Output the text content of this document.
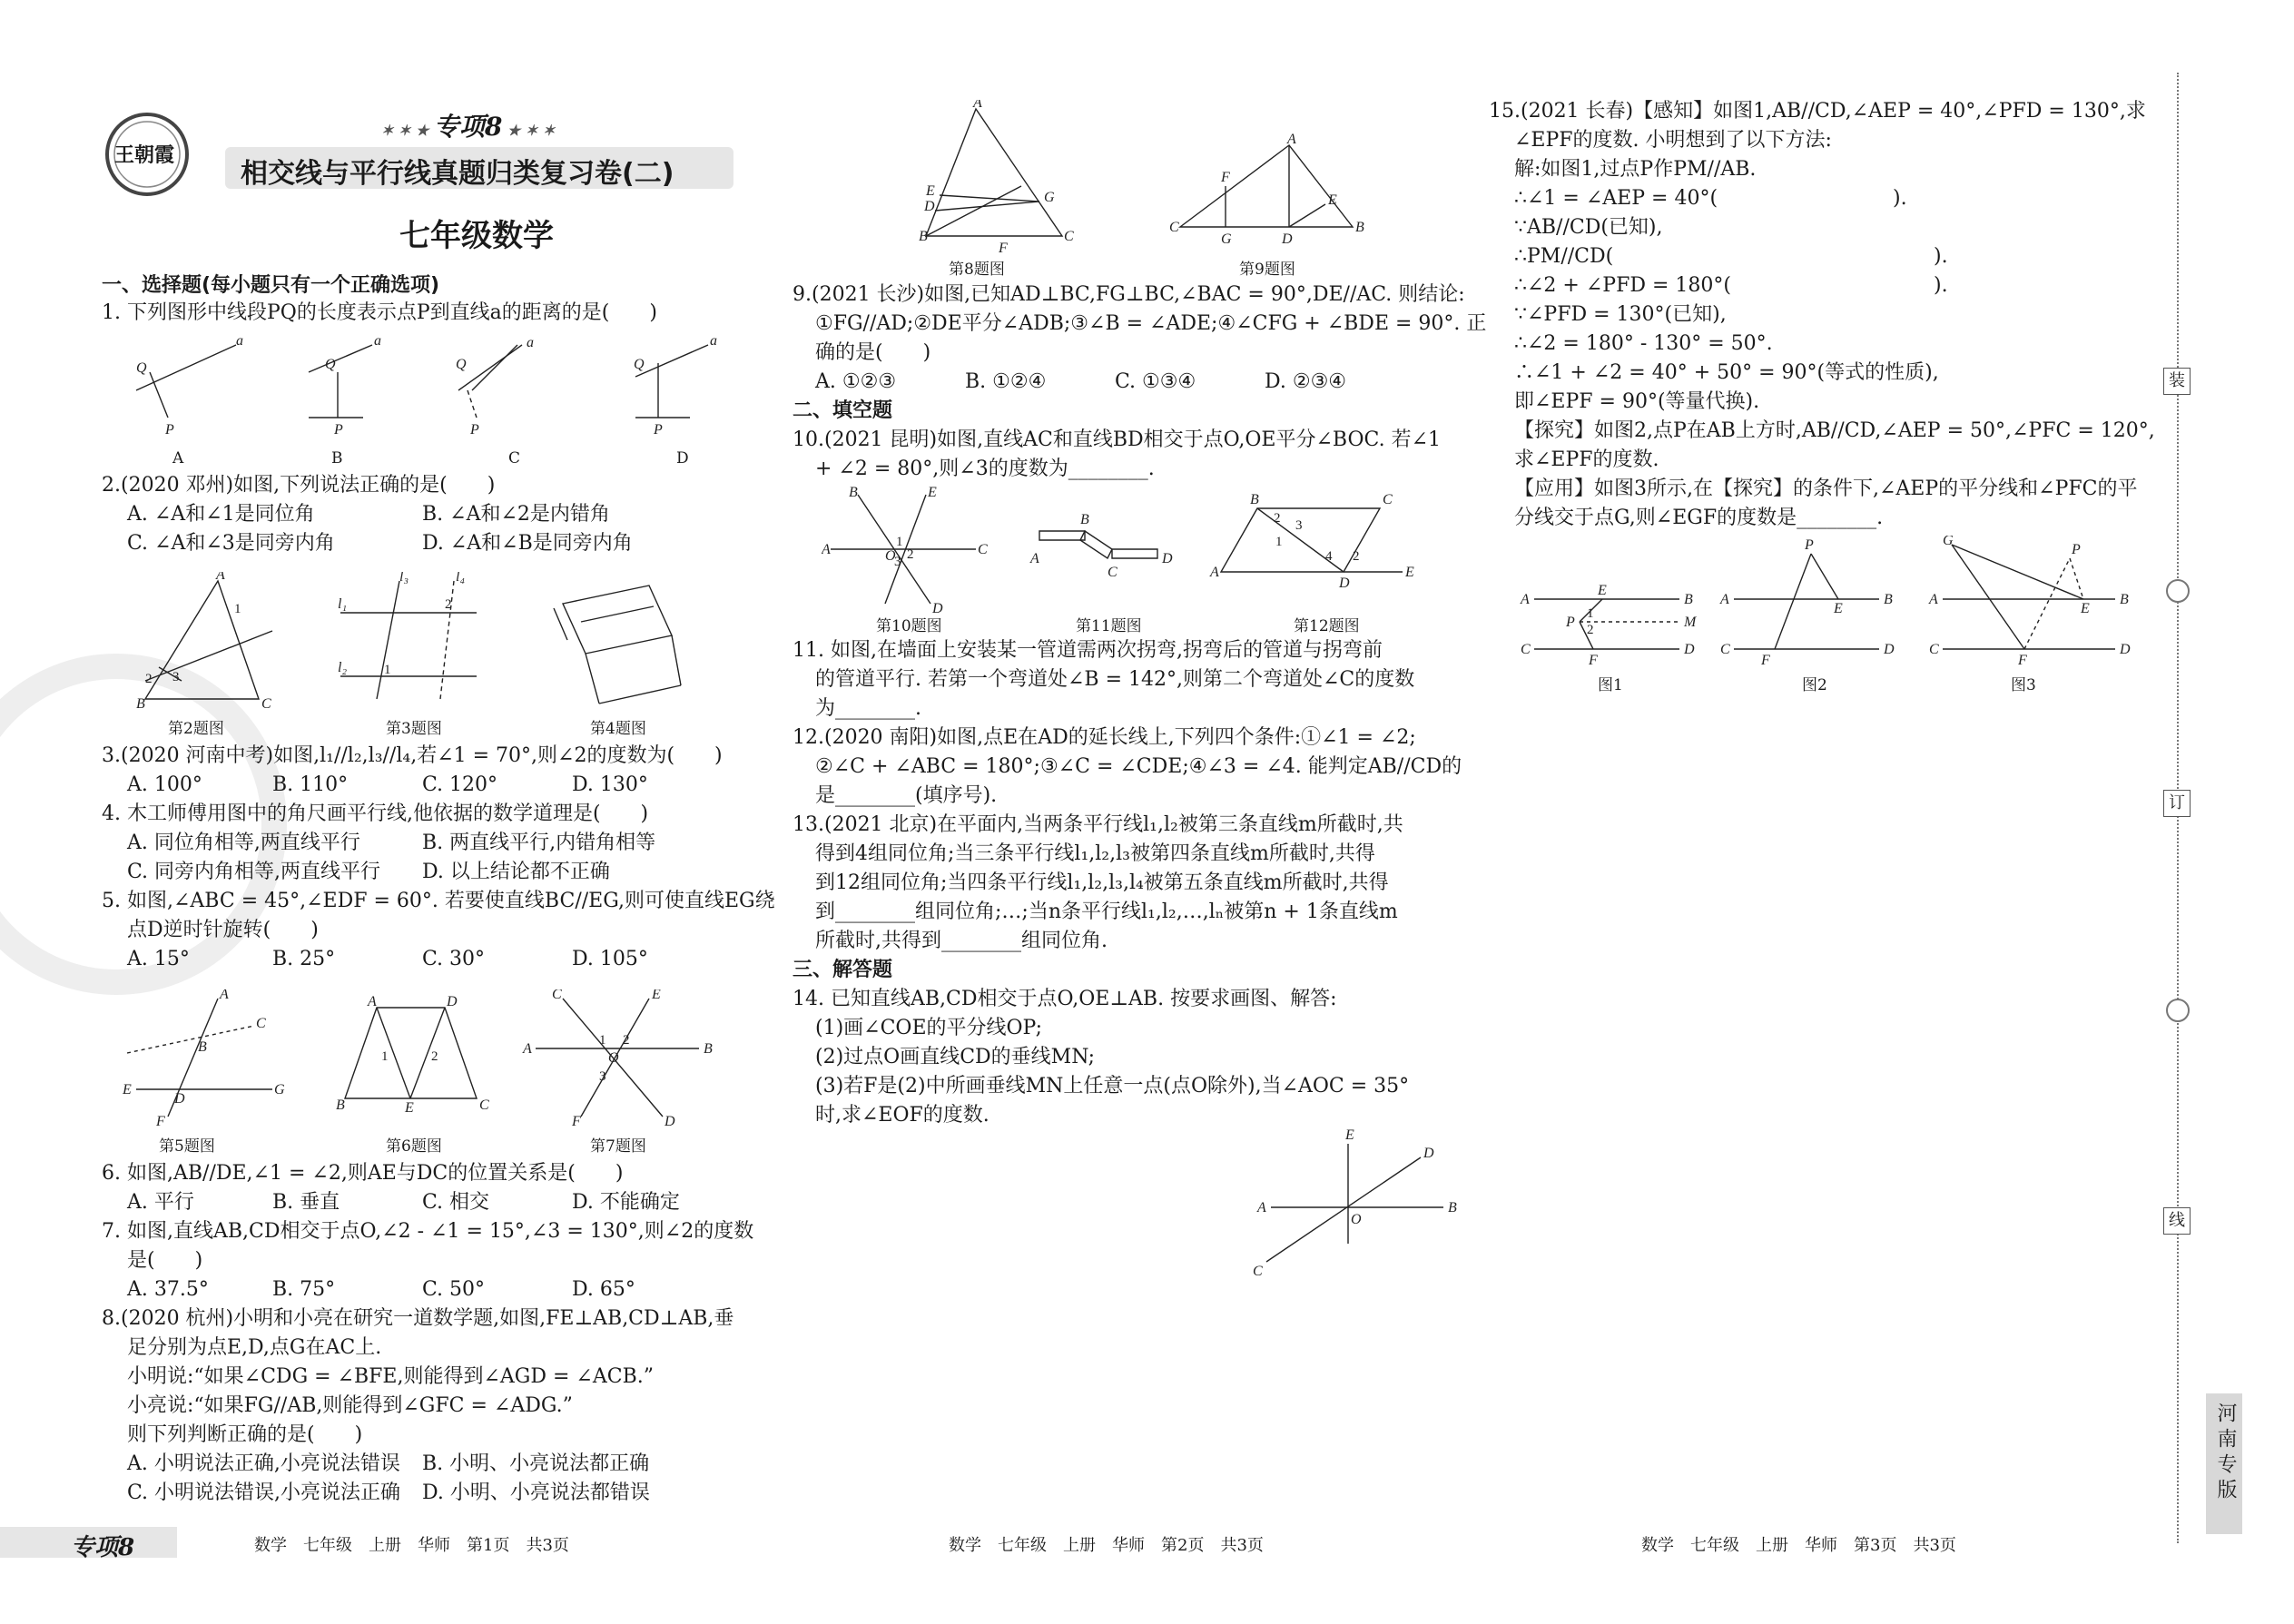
王朝霞
✶ ✶ ★ 专项8 ★ ✶ ✶
相交线与平行线真题归类复习卷(二)
七年级数学
一、选择题(每小题只有一个正确选项)
1. 下列图形中线段PQ的长度表示点P到直线a的距离的是(　　)
Q
a
P
Q
a
P
Q
a
P
Q
a
P
A	B	C	D
2.(2020 邓州)如图,下列说法正确的是(　　)
A. ∠A和∠1是同位角	B. ∠A和∠2是内错角
C. ∠A和∠3是同旁内角	D. ∠A和∠B是同旁内角
A
B	C
1
2 3
l₁
l₂
l₃	l₄
1
2
第2题图	第3题图	第4题图
3.(2020 河南中考)如图,l₁//l₂,l₃//l₄,若∠1 = 70°,则∠2的度数为(　　)
A. 100°	B. 110°	C. 120°	D. 130°
4. 木工师傅用图中的角尺画平行线,他依据的数学道理是(　　)
A. 同位角相等,两直线平行	B. 两直线平行,内错角相等
C. 同旁内角相等,两直线平行 D. 以上结论都不正确
5. 如图,∠ABC = 45°,∠EDF = 60°. 若要使直线BC//EG,则可使直线EG绕
点D逆时针旋转(　　)
A. 15°	B. 25°	C. 30°	D. 105°
A
C
B
E
D
G
F
A	D
B	E	C
1	2	A	B
C	E
F	D
O
1 2
3
第5题图	第6题图	第7题图
6. 如图,AB//DE,∠1 = ∠2,则AE与DC的位置关系是(　　)
A. 平行	B. 垂直	C. 相交	D. 不能确定
7. 如图,直线AB,CD相交于点O,∠2 - ∠1 = 15°,∠3 = 130°,则∠2的度数
是(　　)
A. 37.5°	B. 75°	C. 50°	D. 65°
8.(2020 杭州)小明和小亮在研究一道数学题,如图,FE⊥AB,CD⊥AB,垂
足分别为点E,D,点G在AC上.
小明说:“如果∠CDG = ∠BFE,则能得到∠AGD = ∠ACB.”
小亮说:“如果FG//AB,则能得到∠GFC = ∠ADG.”
则下列判断正确的是(　　)
A. 小明说法正确,小亮说法错误 B. 小明、小亮说法都正确
C. 小明说法错误,小亮说法正确 D. 小明、小亮说法都错误
A
B	C
E
D
G
F
A
C	B
F
G	D
E
第8题图	第9题图
9.(2021 长沙)如图,已知AD⊥BC,FG⊥BC,∠BAC = 90°,DE//AC. 则结论:
①FG//AD;②DE平分∠ADB;③∠B = ∠ADE;④∠CFG + ∠BDE = 90°. 正
确的是(　　)
A. ①②③	B. ①②④	C. ①③④	D. ②③④
二、填空题
10.(2021 昆明)如图,直线AC和直线BD相交于点O,OE平分∠BOC. 若∠1
+ ∠2 = 80°,则∠3的度数为________.
A	C
B	E
D
O
1
2
3	A
B
C
D
B	C
A
D
E
2
1
3
4 2
第10题图	第11题图	第12题图
11. 如图,在墙面上安装某一管道需两次拐弯,拐弯后的管道与拐弯前
的管道平行. 若第一个弯道处∠B = 142°,则第二个弯道处∠C的度数
为________.
12.(2020 南阳)如图,点E在AD的延长线上,下列四个条件:①∠1 = ∠2;
②∠C + ∠ABC = 180°;③∠C = ∠CDE;④∠3 = ∠4. 能判定AB//CD的
是________(填序号).
13.(2021 北京)在平面内,当两条平行线l₁,l₂被第三条直线m所截时,共
得到4组同位角;当三条平行线l₁,l₂,l₃被第四条直线m所截时,共得
到12组同位角;当四条平行线l₁,l₂,l₃,l₄被第五条直线m所截时,共得
到________组同位角;…;当n条平行线l₁,l₂,…,lₙ被第n + 1条直线m
所截时,共得到________组同位角.
三、解答题
14. 已知直线AB,CD相交于点O,OE⊥AB. 按要求画图、解答:
(1)画∠COE的平分线OP;
(2)过点O画直线CD的垂线MN;
(3)若F是(2)中所画垂线MN上任意一点(点O除外),当∠AOC = 35°
时,求∠EOF的度数.
A	B
E
D
C
O
15.(2021 长春)【感知】如图1,AB//CD,∠AEP = 40°,∠PFD = 130°,求
∠EPF的度数. 小明想到了以下方法:
解:如图1,过点P作PM//AB.
∴∠1 = ∠AEP = 40°(	).
∵AB//CD(已知),
∴PM//CD(	).
∴∠2 + ∠PFD = 180°(	).
∵∠PFD = 130°(已知),
∴∠2 = 180° - 130° = 50°.
∴∠1 + ∠2 = 40° + 50° = 90°(等式的性质),
即∠EPF = 90°(等量代换).
【探究】如图2,点P在AB上方时,AB//CD,∠AEP = 50°,∠PFC = 120°,
求∠EPF的度数.
【应用】如图3所示,在【探究】的条件下,∠AEP的平分线和∠PFC的平
分线交于点G,则∠EGF的度数是________.
A	B
C	D
P	M
E
F
1
2
A	B
C	D
P
E
F
A	B
C	D
G
P
E
F
图1	图2	图3
专项8	数学　七年级　上册　华师　第1页　共3页	数学　七年级　上册　华师　第2页　共3页	数学　七年级　上册　华师　第3页　共3页
装
订
线
河南专版
